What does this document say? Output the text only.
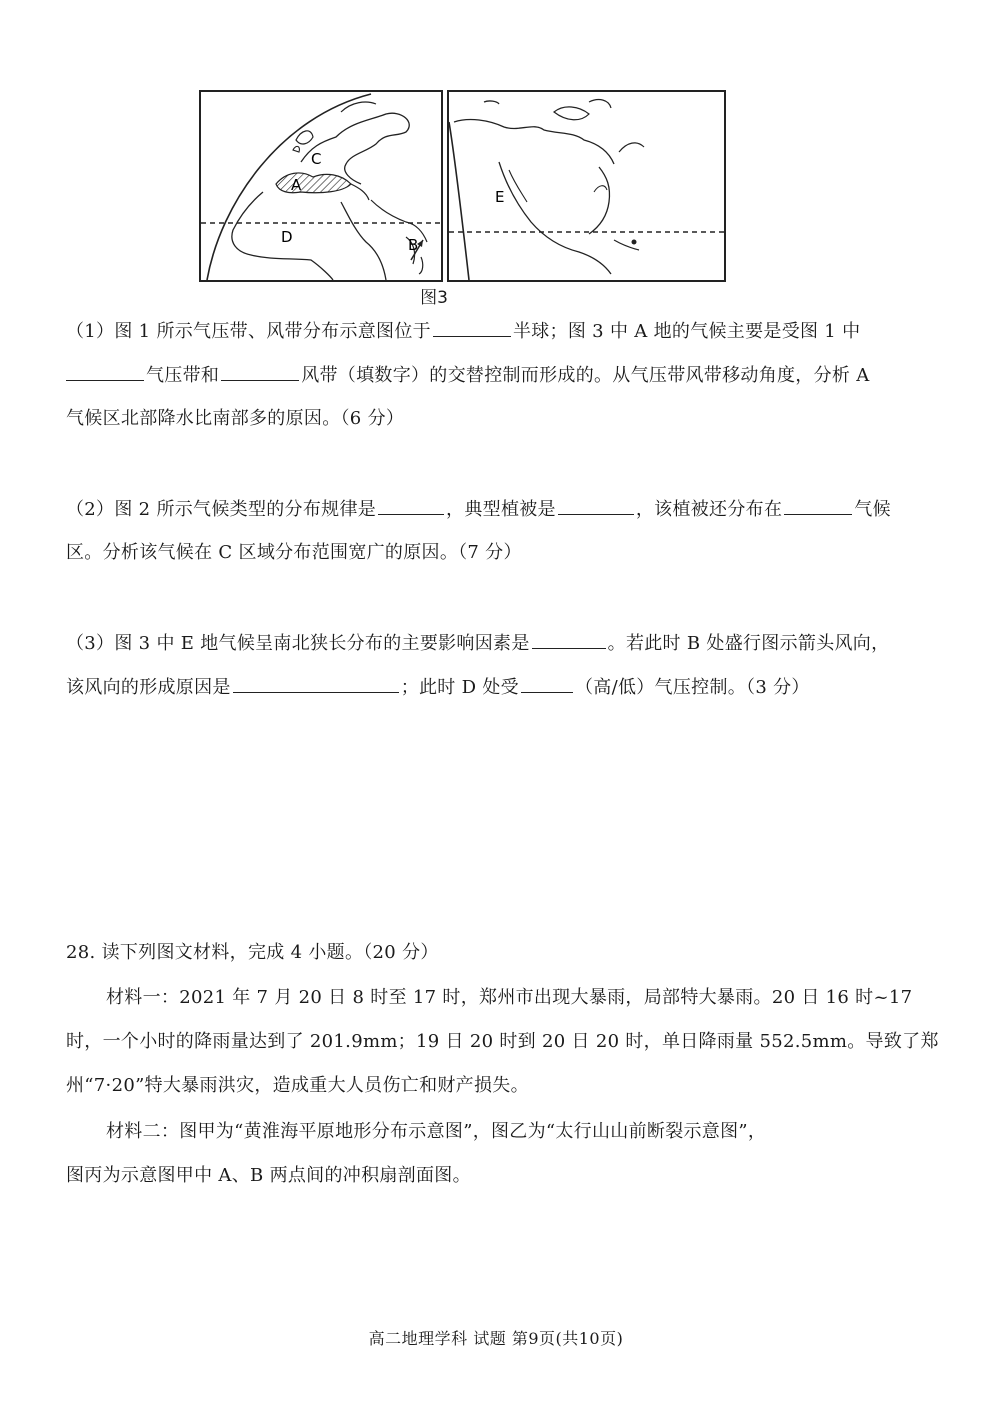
C
A
D	B
E
图3
（1）图 1 所示气压带、风带分布示意图位于	半球；图 3 中 A 地的气候主要是受图 1 中
气压带和	风带（填数字）的交替控制而形成的。从气压带风带移动角度，分析 A
气候区北部降水比南部多的原因。（6 分）
（2）图 2 所示气候类型的分布规律是	，典型植被是	，该植被还分布在	气候
区。分析该气候在 C 区域分布范围宽广的原因。（7 分）
（3）图 3 中 E 地气候呈南北狭长分布的主要影响因素是	。若此时 B 处盛行图示箭头风向，
该风向的形成原因是	；此时 D 处受	（高/低）气压控制。（3 分）
28. 读下列图文材料，完成 4 小题。（20 分）
材料一：2021 年 7 月 20 日 8 时至 17 时，郑州市出现大暴雨，局部特大暴雨。20 日 16 时~17
时，一个小时的降雨量达到了 201.9mm；19 日 20 时到 20 日 20 时，单日降雨量 552.5mm。导致了郑
州“7·20”特大暴雨洪灾，造成重大人员伤亡和财产损失。
材料二：图甲为“黄淮海平原地形分布示意图”，图乙为“太行山山前断裂示意图”，
图丙为示意图甲中 A、B 两点间的冲积扇剖面图。
高二地理学科 试题 第9页(共10页)
